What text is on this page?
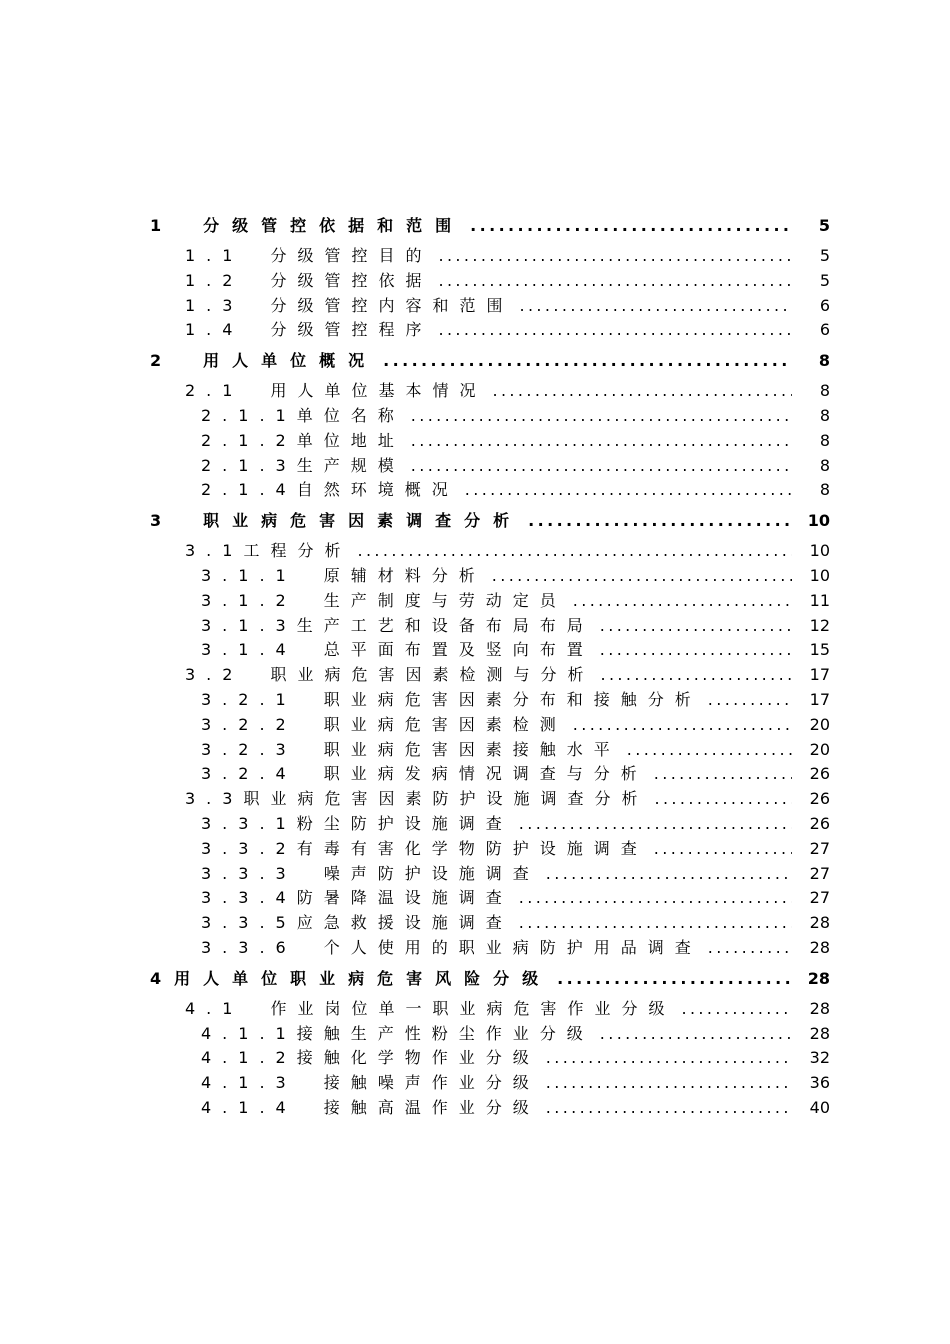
1　分级管控依据和范围 .....	5
1.1　分级管控目的 .....	5
1.2　分级管控依据 .....	5
1.3　分级管控内容和范围 .....	6
1.4　分级管控程序 .....	6
2　用人单位概况 .....	8
2.1　用人单位基本情况 .....	8
2.1.1单位名称 .....	8
2.1.2单位地址 .....	8
2.1.3生产规模 .....	8
2.1.4自然环境概况 .....	8
3　职业病危害因素调查分析 .....	10
3.1工程分析 .....	10
3.1.1　原辅材料分析 .....	10
3.1.2　生产制度与劳动定员 .....	11
3.1.3生产工艺和设备布局布局 .....	12
3.1.4　总平面布置及竖向布置 .....	15
3.2　职业病危害因素检测与分析 .....	17
3.2.1　职业病危害因素分布和接触分析 .....	17
3.2.2　职业病危害因素检测 .....	20
3.2.3　职业病危害因素接触水平 .....	20
3.2.4　职业病发病情况调查与分析 .....	26
3.3职业病危害因素防护设施调查分析 .....	26
3.3.1粉尘防护设施调查 .....	26
3.3.2有毒有害化学物防护设施调查 .....	27
3.3.3　噪声防护设施调查 .....	27
3.3.4防暑降温设施调查 .....	27
3.3.5应急救援设施调查 .....	28
3.3.6　个人使用的职业病防护用品调查 .....	28
4用人单位职业病危害风险分级 .....	28
4.1　作业岗位单一职业病危害作业分级 .....	28
4.1.1接触生产性粉尘作业分级 .....	28
4.1.2接触化学物作业分级 .....	32
4.1.3　接触噪声作业分级 .....	36
4.1.4　接触高温作业分级 .....	40
